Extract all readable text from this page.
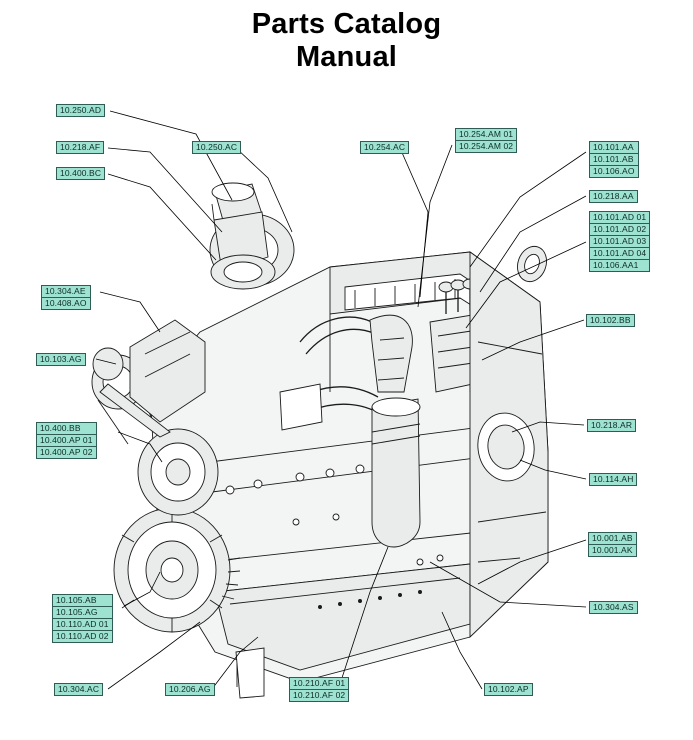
Parts Catalog
Manual
10.250.AD
10.218.AF
10.400.BC
10.250.AC	10.254.AC
10.254.AM 01
10.254.AM 02	10.101.AA
10.101.AB
10.106.AO
10.218.AA
10.101.AD 01
10.101.AD 02
10.101.AD 03
10.101.AD 04
10.106.AA1
10.102.BB
10.304.AE
10.408.AO
10.103.AG
10.400.BB
10.400.AP 01
10.400.AP 02
10.218.AR
10.114.AH
10.001.AB
10.001.AK
10.304.AS
10.105.AB
10.105.AG
10.110.AD 01
10.110.AD 02
10.304.AC	10.206.AG
10.210.AF 01
10.210.AF 02
10.102.AP
